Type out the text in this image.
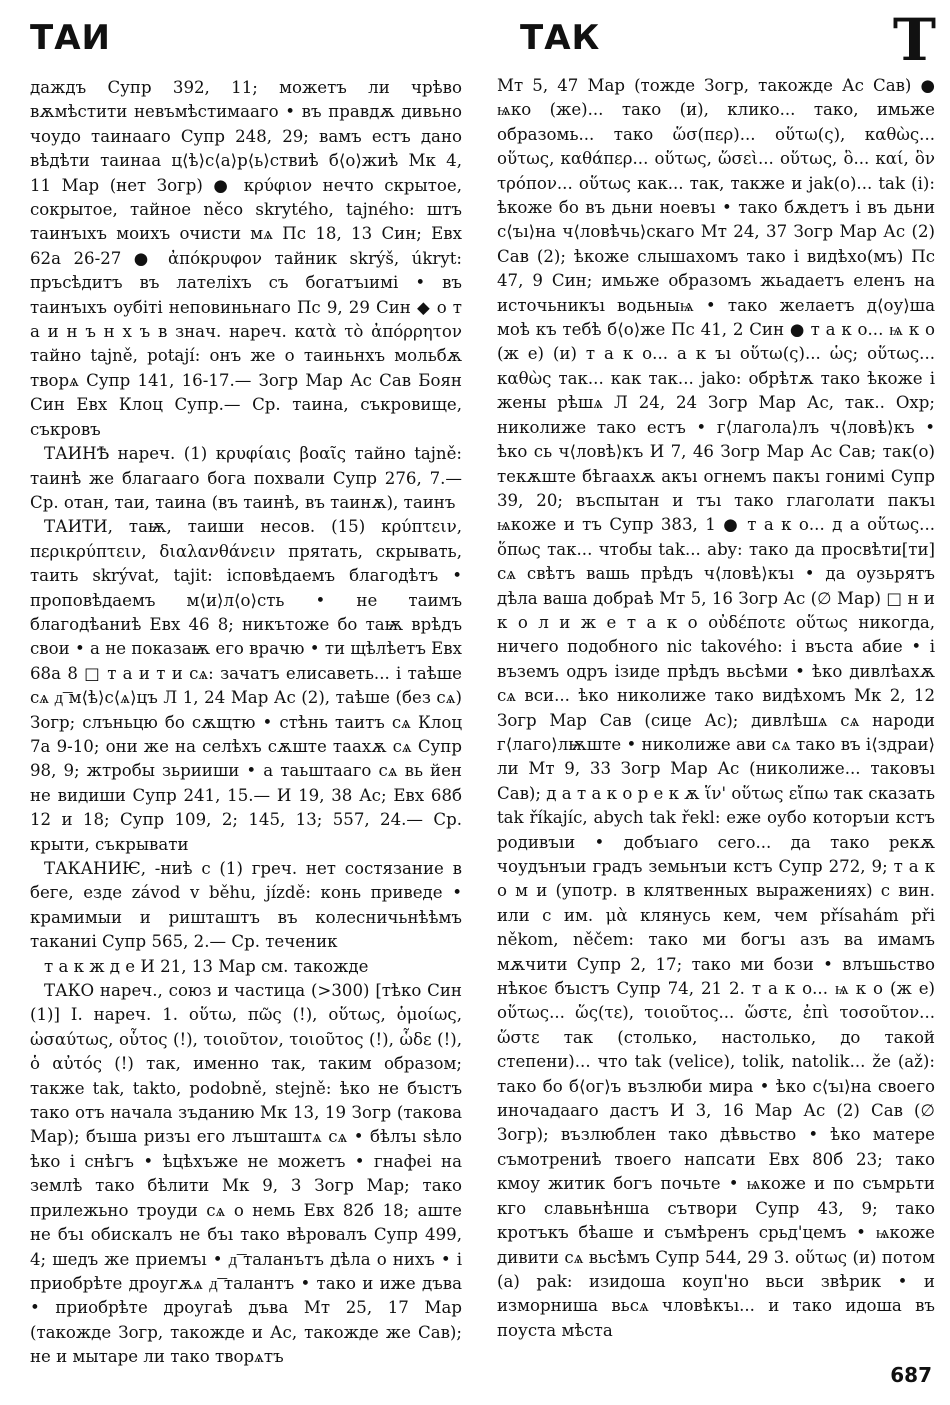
ТАИ	ТАК	Т

даждъ Супр 392, 11; можетъ ли чрѣво вѫмѣстити невъмѣстимаагo • въ правдѫ дивьно чоудо таинаагo Супр 248, 29; вамъ естъ дано вѣдѣти таинаа ц⟨ѣ⟩с⟨а⟩р⟨ь⟩ствиѣ б⟨о⟩жиѣ Мк 4, 11 Мар (нет Зогр) ● κρύφιον нечто скрытое, сокрытое, тайное něco skrytého, tajného: штъ таинъıхъ моихъ очисти мѧ Пс 18, 13 Син; Евх 62а 26-27 ● ἀπόκρυφον тайник skrýš, úkryt: пръсѣдитъ въ лателіхъ съ богатъıимі • въ таинъıхъ оубіті неповиньнаго Пс 9, 29 Син ◆ о т а и н ъ н х ъ в знач. нареч. κατὰ τὸ ἀπόρρητον тайно tajně, potají: онъ же о таиньнхъ мольбѫ творѧ Супр 141, 16-17.— Зогр Мар Ас Сав Боян Син Евх Клоц Супр.— Ср. таина, съкровище, съкровъ

ТАИНѢ нареч. (1) κρυφίαις βοαῖς тайно tajně: таинѣ же благааго бога похвали Супр 276, 7.— Ср. отан, таи, таина (въ таинѣ, въ таинѫ), таинъ

ТАИТИ, таѭ, таиши несов. (15) κρύπτειν, περικρύπτειν, διαλανθάνειν прятать, скрывать, таить skrývat, tajit: ісповѣдаемъ благодѣтъ • проповѣдаемъ м⟨и⟩л⟨о⟩сть • не таимъ благодѣаниѣ Евх 46 8; никътоже бо таѭ врѣдъ свои • а не показаѭ его врачю • ти щѣлѣетъ Евх 68а 8 □ т а и т и сѧ: зачатъ елисаветь... і таѣше сѧ д͞ м⟨ѣ⟩с⟨ѧ⟩цъ Л 1, 24 Мар Ас (2), таѣше (без сѧ) Зогр; слъньцю бо сѫщтю • стѣнь таитъ сѧ Клоц 7а 9-10; они же на селѣхъ сѫште таахѫ сѧ Супр 98, 9; жтробы зьрииши • а таьштааго сѧ вь йен не видиши Супр 241, 15.— И 19, 38 Ас; Евх 68б 12 и 18; Супр 109, 2; 145, 13; 557, 24.— Ср. крыти, съкрывати

ТАКАНИѤ, -ниѣ с (1) греч. нет состязание в беге, езде závod v běhu, jízdě: конь приведе • крамимыи и ришташтъ въ колесничьнѣѣмъ таканиі Супр 565, 2.— Ср. теченик

т а к ж д е И 21, 13 Мар см. такожде

ТАКО нареч., союз и частица (>300) [тѣко Син (1)] I. нареч. 1. οὕτω, πῶς (!), οὕτως, ὁμοίως, ὡσαύτως, οὗτος (!), τοιοῦτον, τοιοῦτος (!), ὧδε (!), ὁ αὐτός (!) так, именно так, таким образом; также tak, takto, podobně, stejně: ѣко не бъıстъ тако отъ начала зъданию Мк 13, 19 Зогр (такова Мар); бъıша ризъı его лъшташтѧ сѧ • бѣлъı ѕѣло ѣко і снѣгъ • ѣцѣхъже не можетъ • гнафеі на землѣ тако бѣлити Мк 9, 3 Зогр Мар; тако прилежьно троуди сѧ о немь Евх 82б 18; аште не бъı обискалъ не бъı тако вѣровалъ Супр 499, 4; шедъ же приемъı • д͞ таланътъ дѣла о нихъ • і приобрѣте дроугѫѧ д͞ талантъ • тако и иже дъва • приобрѣте дроугаѣ дъва Мт 25, 17 Мар (такожде Зогр, такожде и Ас, такожде же Сав); не и мытаре ли тако творѧтъ

Мт 5, 47 Мар (тожде Зогр, такожде Ас Сав) ● ѩко (же)... тако (и), клико... тако, имьже образомь... тако ὥσ(περ)... οὕτω(ς), καθὼς... οὕτως, καθάπερ... οὕτως, ὥσεὶ... οὕτως, ὃ... καί, ὃν τρόπον... οὕτως как... так, также и jak(o)... tak (i): ѣкоже бо въ дьни ноевъı • тако бѫдетъ і въ дьни с⟨ъı⟩на ч⟨ловѣчь⟩скаго Мт 24, 37 Зогр Мар Ас (2) Сав (2); ѣкоже слышахомъ тако і видѣхо(мъ) Пс 47, 9 Син; имьже образомъ жьадаетъ еленъ на источьникъı водьныѩ • тако желаетъ д⟨оу⟩ша моѣ къ тебѣ б⟨о⟩же Пс 41, 2 Син ● т а к о... ѩ к о (ж е) (и) т а к о... а к ъı οὕτω(ς)... ὡς; οὕτως... καθὼς так... как так... jako: обрѣтѫ тако ѣкоже і жены рѣшѧ Л 24, 24 Зогр Мар Ас, так.. Охр; николиже тако естъ • г⟨лагола⟩лъ ч⟨ловѣ⟩къ • ѣко сь ч⟨ловѣ⟩къ И 7, 46 Зогр Мар Ас Сав; так(о) текѫште бѣгаахѫ акъı огнемъ пакъı гонимі Супр 39, 20; въспытан и тъı тако глаголати пакъı ѩкоже и тъ Супр 383, 1 ● т а к о... д а οὕτως... ὅπως так... чтобы tak... aby: тако да просвѣти[ти] сѧ свѣтъ вашь прѣдъ ч⟨ловѣ⟩къı • да оузьрятъ дѣла ваша добраѣ Мт 5, 16 Зогр Ас (∅ Мар) □ н и к о л и ж е т а к о οὐδέποτε οὕτως никогда, ничего подобного nic takového: і въста абие • і въземъ одръ ізиде прѣдъ вьсѣми • ѣко дивлѣахѫ сѧ вси... ѣко николиже тако видѣхомъ Мк 2, 12 Зогр Мар Сав (сице Ас); дивлѣшѧ сѧ народи г⟨лаго⟩лѭште • николиже ави сѧ тако въ і⟨здраи⟩ли Мт 9, 33 Зогр Мар Ас (николиже... таковъı Сав); д а т а к о р е к ѫ ἵν' οὕτως εἴπω так сказать tak říkajíc, abych tak řekl: еже оубо которъıи кстъ родивъıи • добъıаго сего... да тако рекѫ чоудънъıи градъ земьнъıи кстъ Супр 272, 9; т а к о м и (употр. в клятвенных выражениях) с вин. или с им. μὰ клянусь кем, чем přísahám při někom, něčem: тако ми богъı азъ ва имамъ мѫчити Супр 2, 17; тако ми бози • влъшьство нѣкоє бъıстъ Супр 74, 21 2. т а к о... ѩ к о (ж е) οὕτως... ὥς(τε), τοιοῦτος... ὥστε, ἐπὶ τοσοῦτον... ὥστε так (столько, настолько, до такой степени)... что tak (velice), tolik, natolik... že (až): тако бо б⟨ог⟩ъ възлюби мира • ѣко с⟨ъı⟩на своего иночадааго дастъ И 3, 16 Мар Ас (2) Сав (∅ Зогр); възлюблен тако дѣвьство • ѣко матере съмотрениѣ твоего напсати Евх 80б 23; тако кмоу житик богъ почьте • ѩкоже и по съмрьти кго славьнѣнша сътвори Супр 43, 9; тако кротъкъ бѣаше и съмѣренъ срьд'цемъ • ѩкоже дивити сѧ вьсѣмъ Супр 544, 29 3. οὕτως (и) потом (а) pak: изидоша коуп'но вьси звѣрик • и изморниша вьсѧ чловѣкъı... и тако идоша въ поуста мѣста

687
